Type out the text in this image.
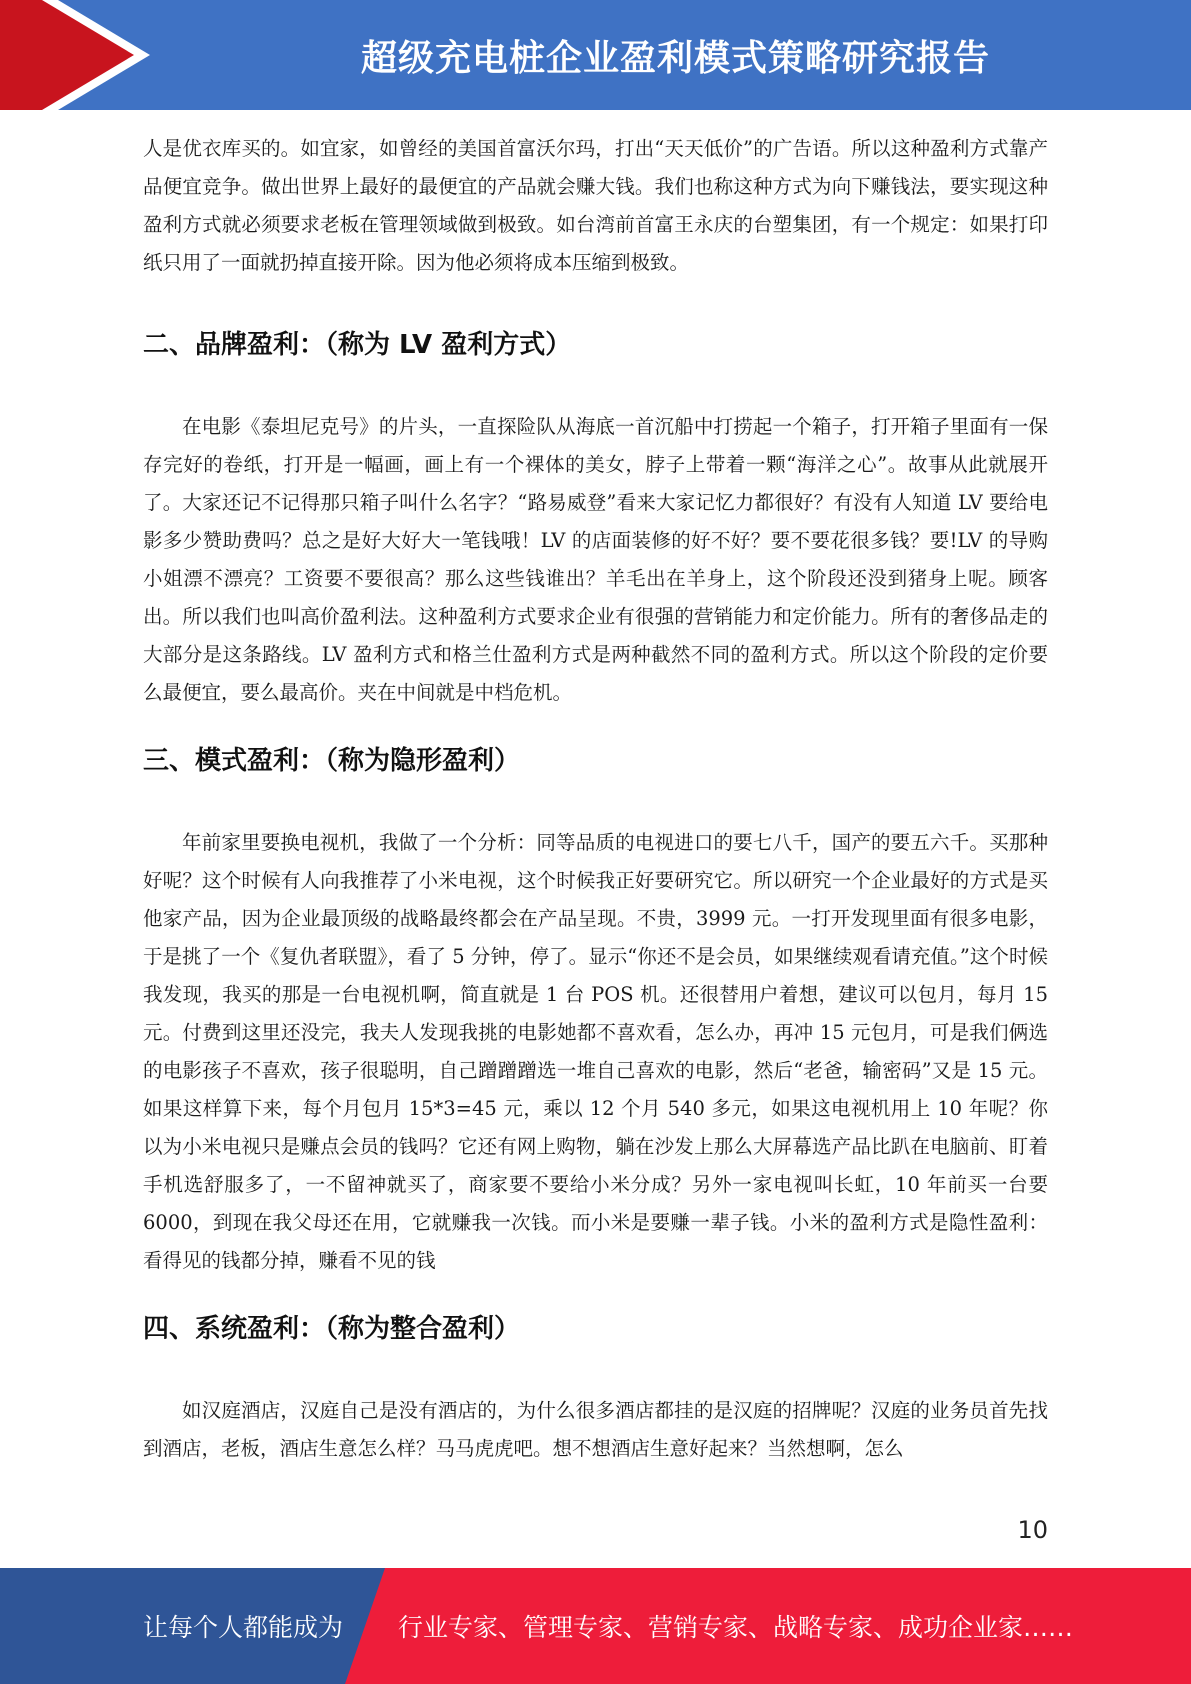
超级充电桩企业盈利模式策略研究报告

人是优衣库买的。如宜家，如曾经的美国首富沃尔玛，打出“天天低价”的广告语。所以这种盈利方式靠产品便宜竞争。做出世界上最好的最便宜的产品就会赚大钱。我们也称这种方式为向下赚钱法，要实现这种盈利方式就必须要求老板在管理领域做到极致。如台湾前首富王永庆的台塑集团，有一个规定：如果打印纸只用了一面就扔掉直接开除。因为他必须将成本压缩到极致。

二、品牌盈利：（称为 LV 盈利方式）

在电影《泰坦尼克号》的片头，一直探险队从海底一首沉船中打捞起一个箱子，打开箱子里面有一保存完好的卷纸，打开是一幅画，画上有一个裸体的美女，脖子上带着一颗“海洋之心”。故事从此就展开了。大家还记不记得那只箱子叫什么名字？“路易威登”看来大家记忆力都很好？有没有人知道 LV 要给电影多少赞助费吗？总之是好大好大一笔钱哦！LV 的店面装修的好不好？要不要花很多钱？要!LV 的导购小姐漂不漂亮？工资要不要很高？那么这些钱谁出？羊毛出在羊身上，这个阶段还没到猪身上呢。顾客出。所以我们也叫高价盈利法。这种盈利方式要求企业有很强的营销能力和定价能力。所有的奢侈品走的大部分是这条路线。LV 盈利方式和格兰仕盈利方式是两种截然不同的盈利方式。所以这个阶段的定价要么最便宜，要么最高价。夹在中间就是中档危机。

三、模式盈利：（称为隐形盈利）

年前家里要换电视机，我做了一个分析：同等品质的电视进口的要七八千，国产的要五六千。买那种好呢？这个时候有人向我推荐了小米电视，这个时候我正好要研究它。所以研究一个企业最好的方式是买他家产品，因为企业最顶级的战略最终都会在产品呈现。不贵，3999 元。一打开发现里面有很多电影，于是挑了一个《复仇者联盟》，看了 5 分钟，停了。显示“你还不是会员，如果继续观看请充值。”这个时候我发现，我买的那是一台电视机啊，简直就是 1 台 POS 机。还很替用户着想，建议可以包月，每月 15 元。付费到这里还没完，我夫人发现我挑的电影她都不喜欢看，怎么办，再冲 15 元包月，可是我们俩选的电影孩子不喜欢，孩子很聪明，自己蹭蹭蹭选一堆自己喜欢的电影，然后“老爸，输密码”又是 15 元。如果这样算下来，每个月包月 15*3=45 元，乘以 12 个月 540 多元，如果这电视机用上 10 年呢？你以为小米电视只是赚点会员的钱吗？它还有网上购物，躺在沙发上那么大屏幕选产品比趴在电脑前、盯着手机选舒服多了，一不留神就买了，商家要不要给小米分成？另外一家电视叫长虹，10 年前买一台要 6000，到现在我父母还在用，它就赚我一次钱。而小米是要赚一辈子钱。小米的盈利方式是隐性盈利：看得见的钱都分掉，赚看不见的钱

四、系统盈利：（称为整合盈利）

如汉庭酒店，汉庭自己是没有酒店的，为什么很多酒店都挂的是汉庭的招牌呢？汉庭的业务员首先找到酒店，老板，酒店生意怎么样？马马虎虎吧。想不想酒店生意好起来？当然想啊，怎么

10
让每个人都能成为 行业专家、管理专家、营销专家、战略专家、成功企业家……
